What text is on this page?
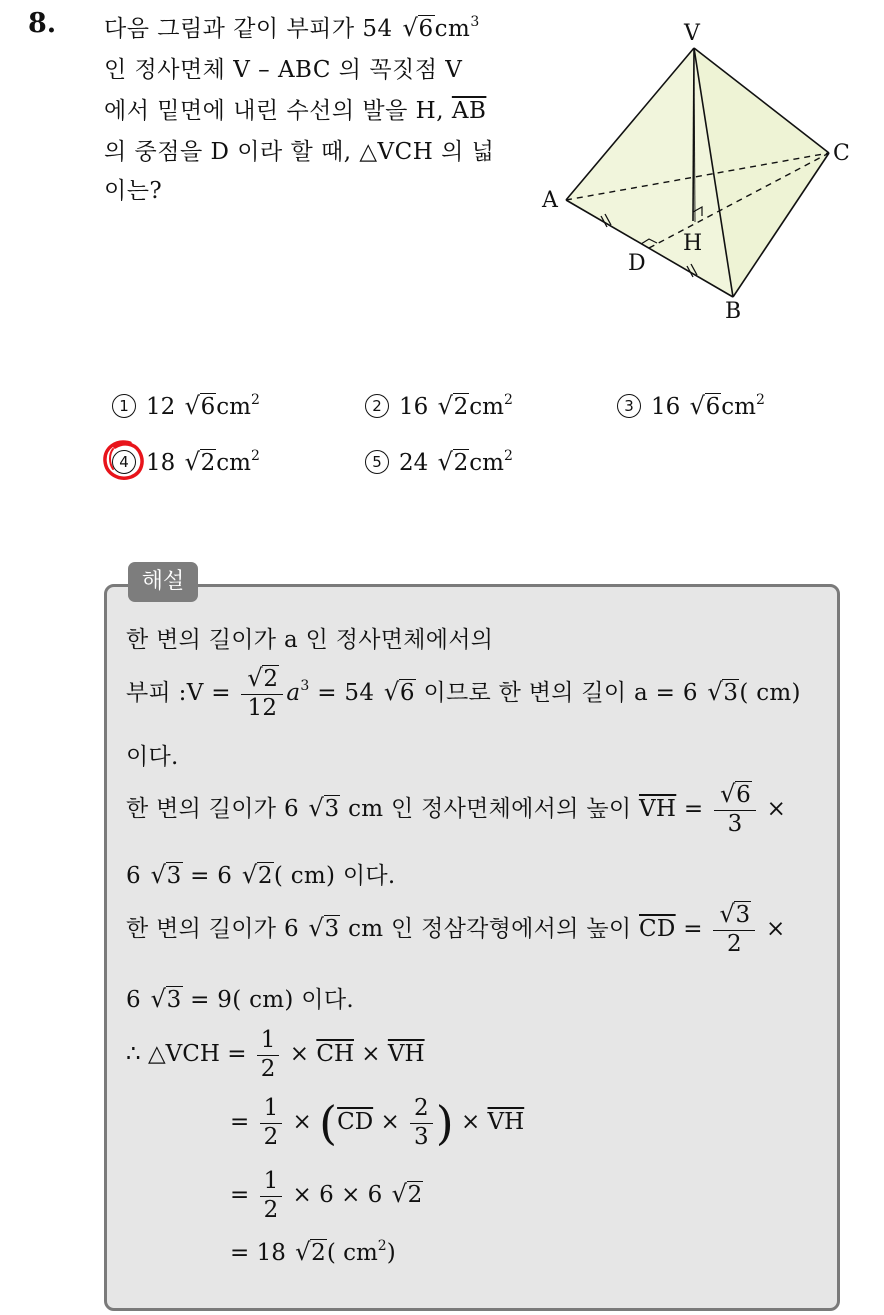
8. 다음 그림과 같이 부피가 54 √ $6cm^3$
인 정사면체 V – ABC 의 꼭짓점 V
에서 밑면에 내린 수선의 발을 H, $\overline{AB}$
의 중점을 D 이라 할 때, △VCH 의 넓
이는?
V
A
B
C
D
H
1 12 √ $6cm^2$	2 16 √ $2cm^2$	3 16 √ $6cm^2$
4 18 √ $2cm^2$	5 24 √ $2cm^2$
해설
한 변의 길이가 a 인 정사면체에서의
부피 :V = √ $\frac{2}{12} a^3 = 54$ √ 6 이므로 한 변의 길이 a = 6 √ 3( cm)
이다.
한 변의 길이가 6 √ 3 cm 인 정사면체에서의 높이 $\overline{VH}$ = √ $\frac{6}{3}$ ×
6 √ 3 = 6 √ 2( cm) 이다.
한 변의 길이가 6 √ 3 cm 인 정삼각형에서의 높이 $\overline{CD}$ = √ $\frac{3}{2}$ ×
6 √ 3 = 9( cm) 이다.
∴ △VCH = $\frac{1}{2} \times \overline{CH} \times \overline{VH}$
= $\frac{1}{2} \times (\overline{CD} \times \frac{2}{3}$ ) × $\overline{VH}$
= $\frac{1}{2} \times 6 \times 6$ √ 2
= 18 √ 2( $cm^2$)
